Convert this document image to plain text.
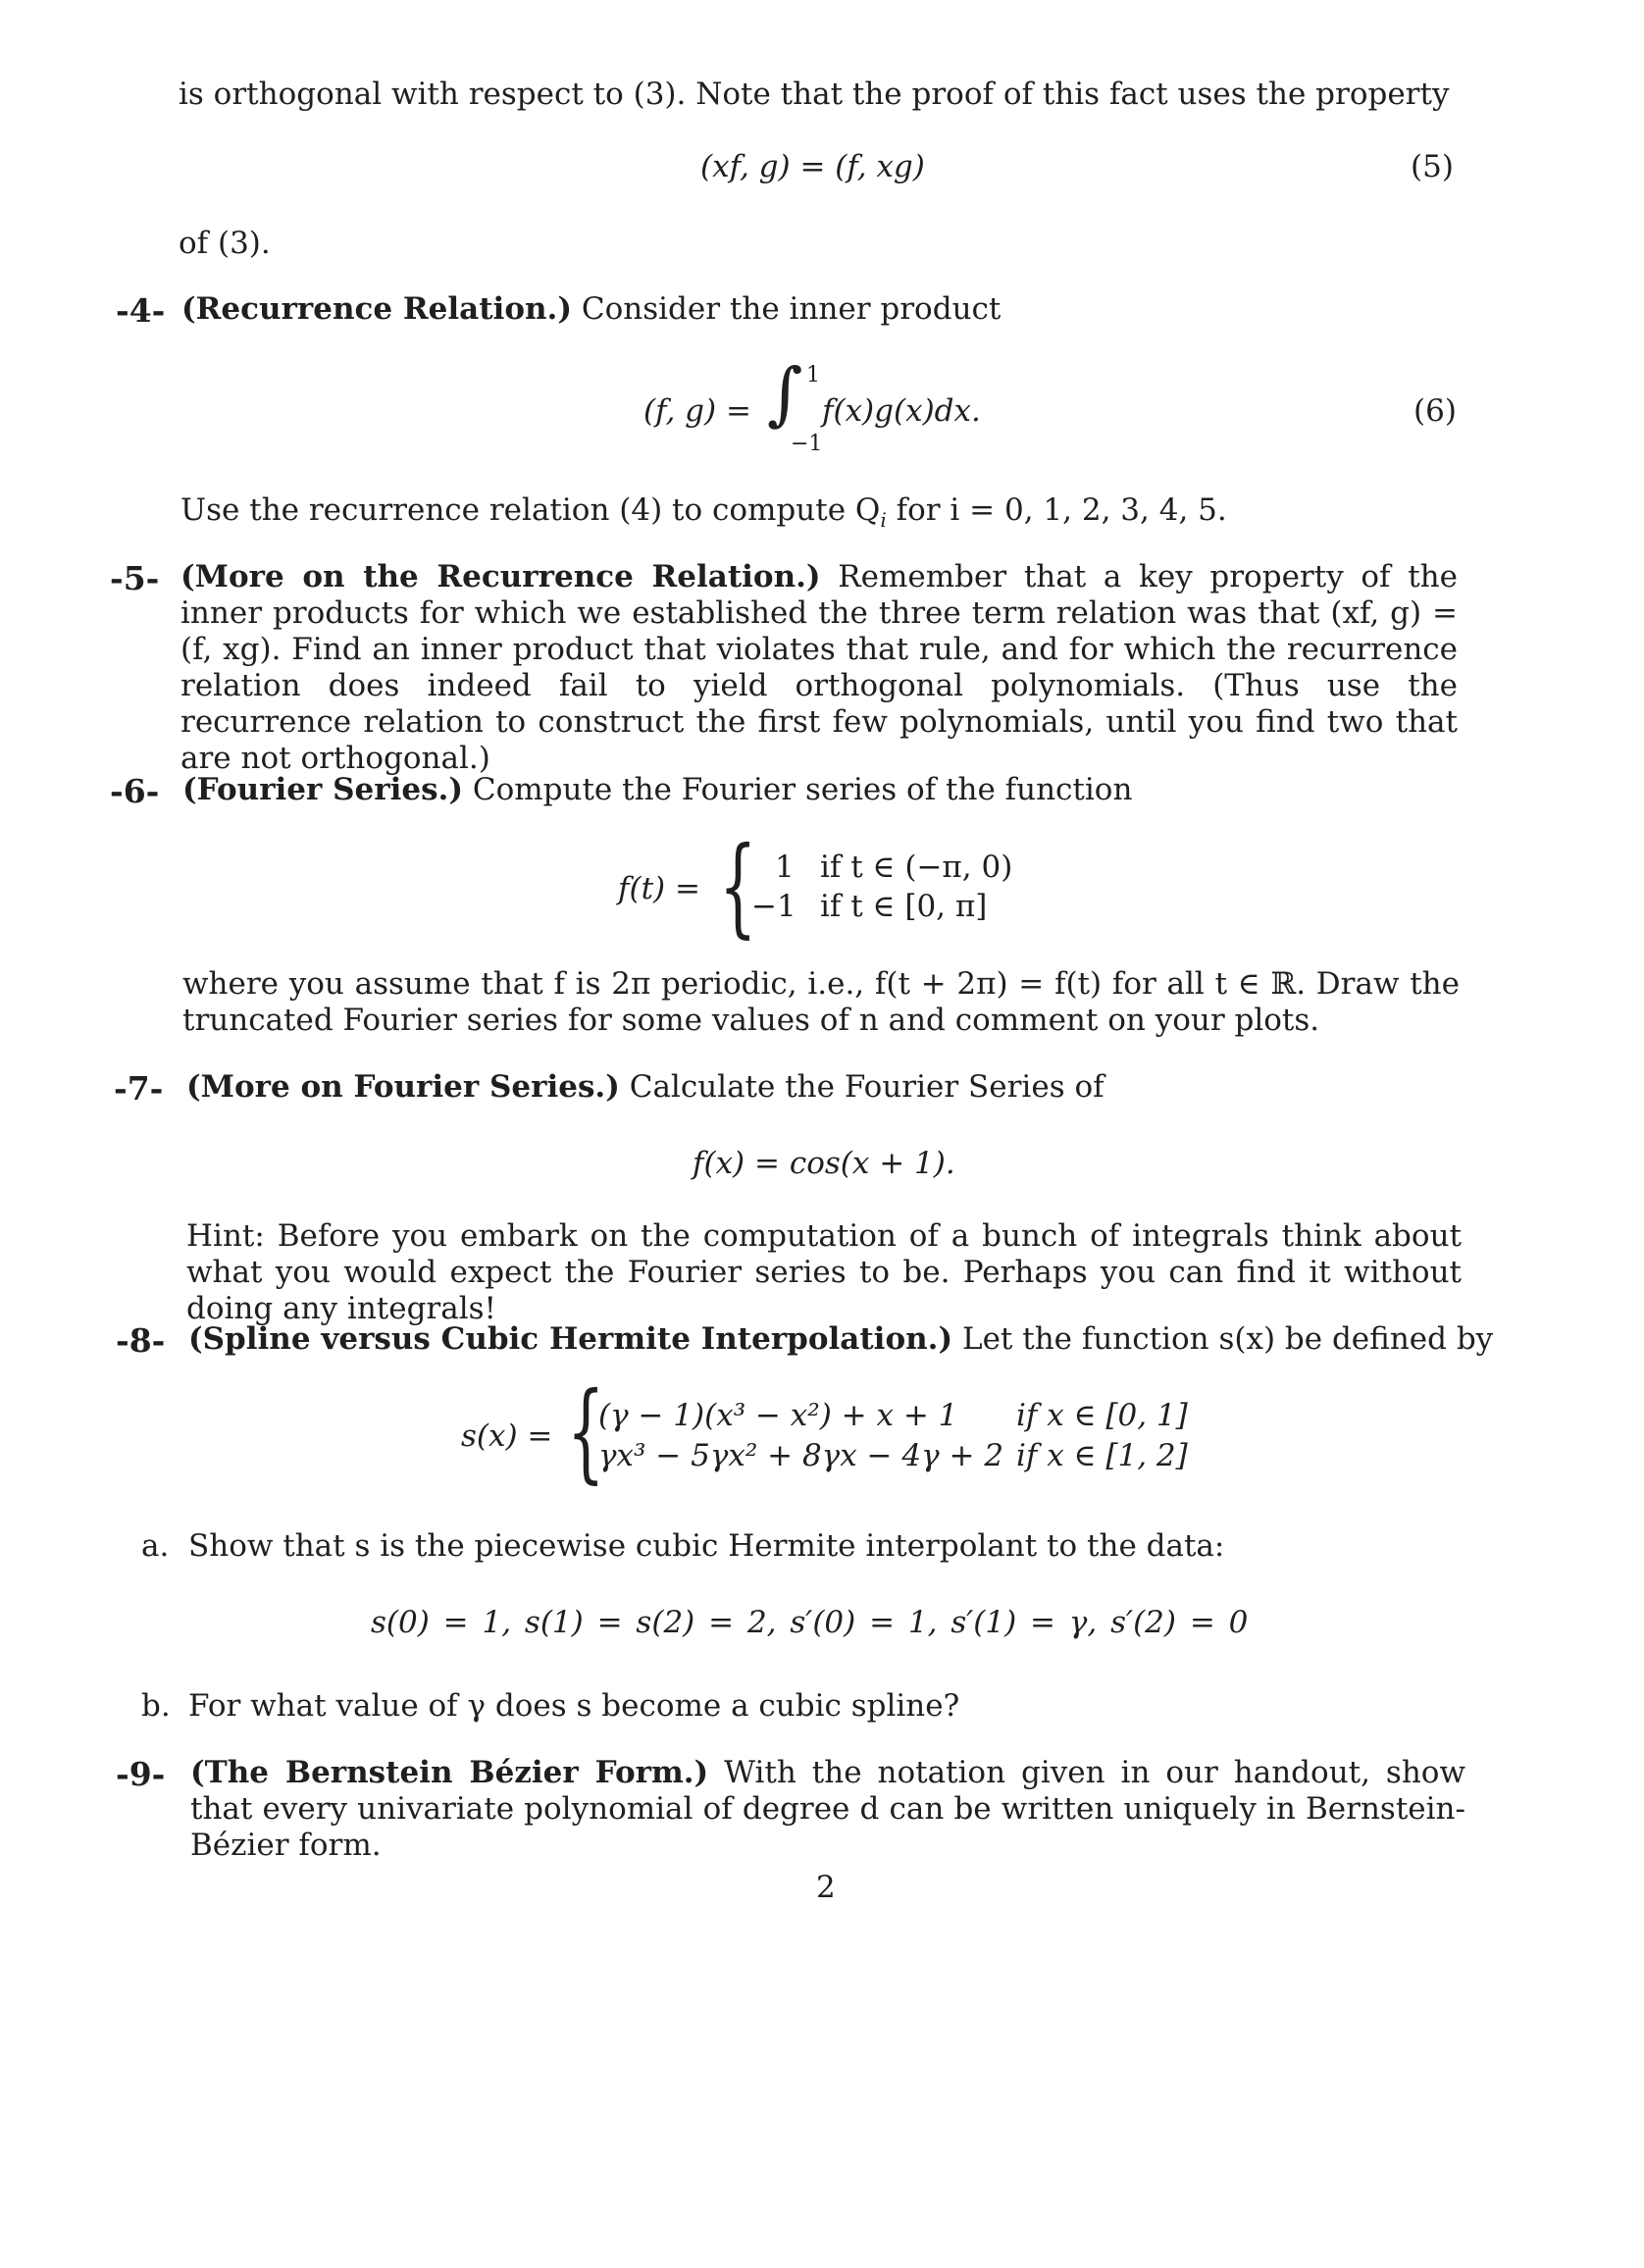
is orthogonal with respect to (3). Note that the proof of this fact uses the property
(xf, g) = (f, xg)	(5)
of (3).
-4- (Recurrence Relation.) Consider the inner product
(f, g) = ∫ 1
−1
f(x)g(x)dx.	(6)
Use the recurrence relation (4) to compute $Q_i$ for i = 0, 1, 2, 3, 4, 5.
-5- (More on the Recurrence Relation.) Remember that a key property of the inner products for which we established the three term relation was that (xf, g) = (f, xg). Find an inner product that violates that rule, and for which the recurrence relation does indeed fail to yield orthogonal polynomials. (Thus use the recurrence relation to construct the first few polynomials, until you find two that are not orthogonal.)
-6- (Fourier Series.) Compute the Fourier series of the function
f(t) = { 1 if t ∈ (−π, 0)
−1 if t ∈ [0, π]
where you assume that f is 2π periodic, i.e., f(t + 2π) = f(t) for all t ∈ ℝ. Draw the truncated Fourier series for some values of n and comment on your plots.
-7- (More on Fourier Series.) Calculate the Fourier Series of
f(x) = cos(x + 1).
Hint: Before you embark on the computation of a bunch of integrals think about what you would expect the Fourier series to be. Perhaps you can find it without doing any integrals!
-8- (Spline versus Cubic Hermite Interpolation.) Let the function s(x) be defined by
s(x) = {
(γ − 1)(x³ − x²) + x + 1 if x ∈ [0, 1]
γx³ − 5γx² + 8γx − 4γ + 2 if x ∈ [1, 2]
a. Show that s is the piecewise cubic Hermite interpolant to the data:
s(0) = 1, s(1) = s(2) = 2, s′(0) = 1, s′(1) = γ, s′(2) = 0
b. For what value of γ does s become a cubic spline?
-9- (The Bernstein Bézier Form.) With the notation given in our handout, show that every univariate polynomial of degree d can be written uniquely in Bernstein-Bézier form.
2
